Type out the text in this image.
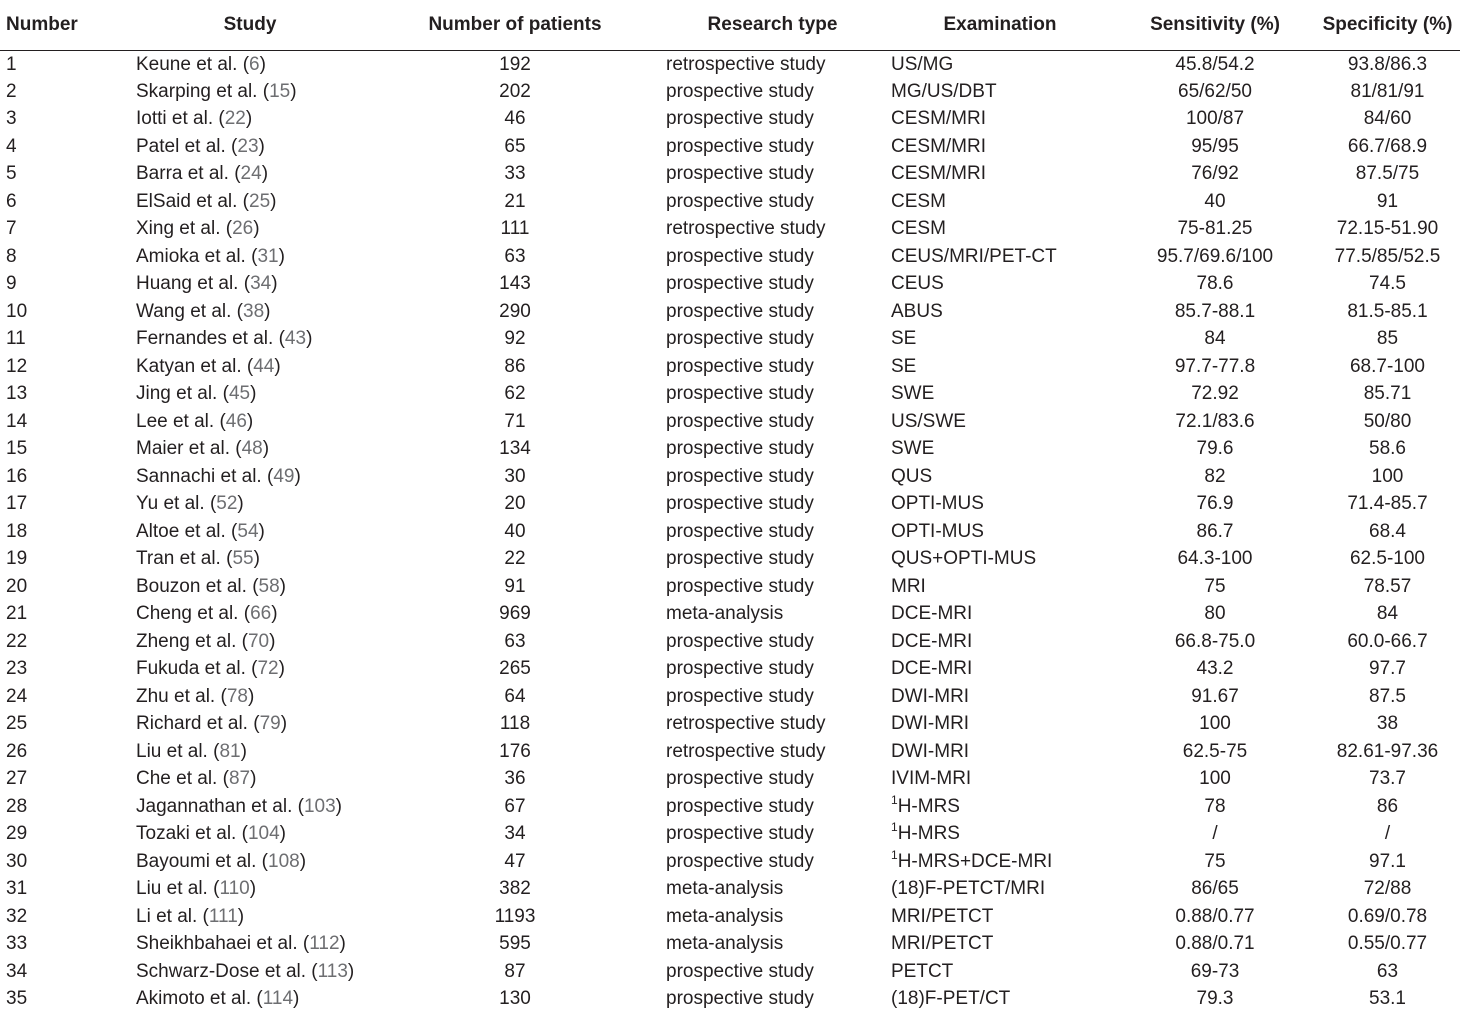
Number	Study	Number of patients	Research type	Examination	Sensitivity (%)	Specificity (%)
1	Keune et al. (6)	192	retrospective study	US/MG	45.8/54.2	93.8/86.3
2	Skarping et al. (15)	202	prospective study	MG/US/DBT	65/62/50	81/81/91
3	Iotti et al. (22)	46	prospective study	CESM/MRI	100/87	84/60
4	Patel et al. (23)	65	prospective study	CESM/MRI	95/95	66.7/68.9
5	Barra et al. (24)	33	prospective study	CESM/MRI	76/92	87.5/75
6	ElSaid et al. (25)	21	prospective study	CESM	40	91
7	Xing et al. (26)	111	retrospective study	CESM	75-81.25	72.15-51.90
8	Amioka et al. (31)	63	prospective study	CEUS/MRI/PET-CT	95.7/69.6/100	77.5/85/52.5
9	Huang et al. (34)	143	prospective study	CEUS	78.6	74.5
10	Wang et al. (38)	290	prospective study	ABUS	85.7-88.1	81.5-85.1
11	Fernandes et al. (43)	92	prospective study	SE	84	85
12	Katyan et al. (44)	86	prospective study	SE	97.7-77.8	68.7-100
13	Jing et al. (45)	62	prospective study	SWE	72.92	85.71
14	Lee et al. (46)	71	prospective study	US/SWE	72.1/83.6	50/80
15	Maier et al. (48)	134	prospective study	SWE	79.6	58.6
16	Sannachi et al. (49)	30	prospective study	QUS	82	100
17	Yu et al. (52)	20	prospective study	OPTI-MUS	76.9	71.4-85.7
18	Altoe et al. (54)	40	prospective study	OPTI-MUS	86.7	68.4
19	Tran et al. (55)	22	prospective study	QUS+OPTI-MUS	64.3-100	62.5-100
20	Bouzon et al. (58)	91	prospective study	MRI	75	78.57
21	Cheng et al. (66)	969	meta-analysis	DCE-MRI	80	84
22	Zheng et al. (70)	63	prospective study	DCE-MRI	66.8-75.0	60.0-66.7
23	Fukuda et al. (72)	265	prospective study	DCE-MRI	43.2	97.7
24	Zhu et al. (78)	64	prospective study	DWI-MRI	91.67	87.5
25	Richard et al. (79)	118	retrospective study	DWI-MRI	100	38
26	Liu et al. (81)	176	retrospective study	DWI-MRI	62.5-75	82.61-97.36
27	Che et al. (87)	36	prospective study	IVIM-MRI	100	73.7
28	Jagannathan et al. (103)	67	prospective study	$^1$H-MRS	78	86
29	Tozaki et al. (104)	34	prospective study	$^1$H-MRS	/	/
30	Bayoumi et al. (108)	47	prospective study	$^1$H-MRS+DCE-MRI	75	97.1
31	Liu et al. (110)	382	meta-analysis	(18)F-PETCT/MRI	86/65	72/88
32	Li et al. (111)	1193	meta-analysis	MRI/PETCT	0.88/0.77	0.69/0.78
33	Sheikhbahaei et al. (112)	595	meta-analysis	MRI/PETCT	0.88/0.71	0.55/0.77
34	Schwarz-Dose et al. (113)	87	prospective study	PETCT	69-73	63
35	Akimoto et al. (114)	130	prospective study	(18)F-PET/CT	79.3	53.1
